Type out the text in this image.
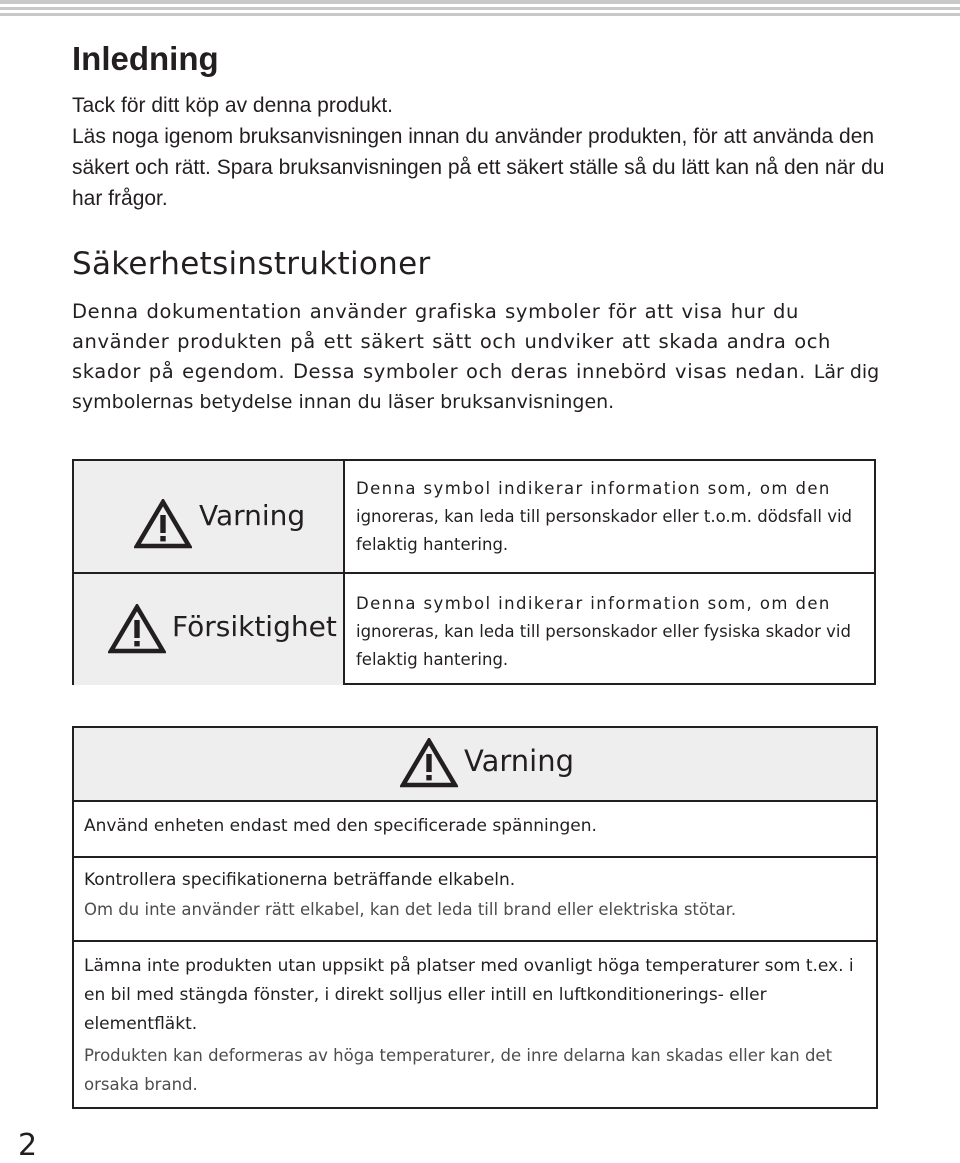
Inledning

Tack för ditt köp av denna produkt.

Läs noga igenom bruksanvisningen innan du använder produkten, för att använda den säkert och rätt. Spara bruksanvisningen på ett säkert ställe så du lätt kan nå den när du har frågor.

Säkerhetsinstruktioner
Denna dokumentation använder grafiska symboler för att visa hur du använder produkten på ett säkert sätt och undviker att skada andra och skador på egendom. Dessa symboler och deras innebörd visas nedan. Lär dig symbolernas betydelse innan du läser bruksanvisningen.
Varning
Denna symbol indikerar information som, om den
ignoreras, kan leda till personskador eller t.o.m. dödsfall vid felaktig hantering.
Försiktighet
Denna symbol indikerar information som, om den
ignoreras, kan leda till personskador eller fysiska skador vid felaktig hantering.
Varning
Använd enheten endast med den specificerade spänningen.
Kontrollera specifikationerna beträffande elkabeln.
Om du inte använder rätt elkabel, kan det leda till brand eller elektriska stötar.
Lämna inte produkten utan uppsikt på platser med ovanligt höga temperaturer som t.ex. i en bil med stängda fönster, i direkt solljus eller intill en luftkonditionerings- eller elementfläkt.
Produkten kan deformeras av höga temperaturer, de inre delarna kan skadas eller kan det orsaka brand.
2
